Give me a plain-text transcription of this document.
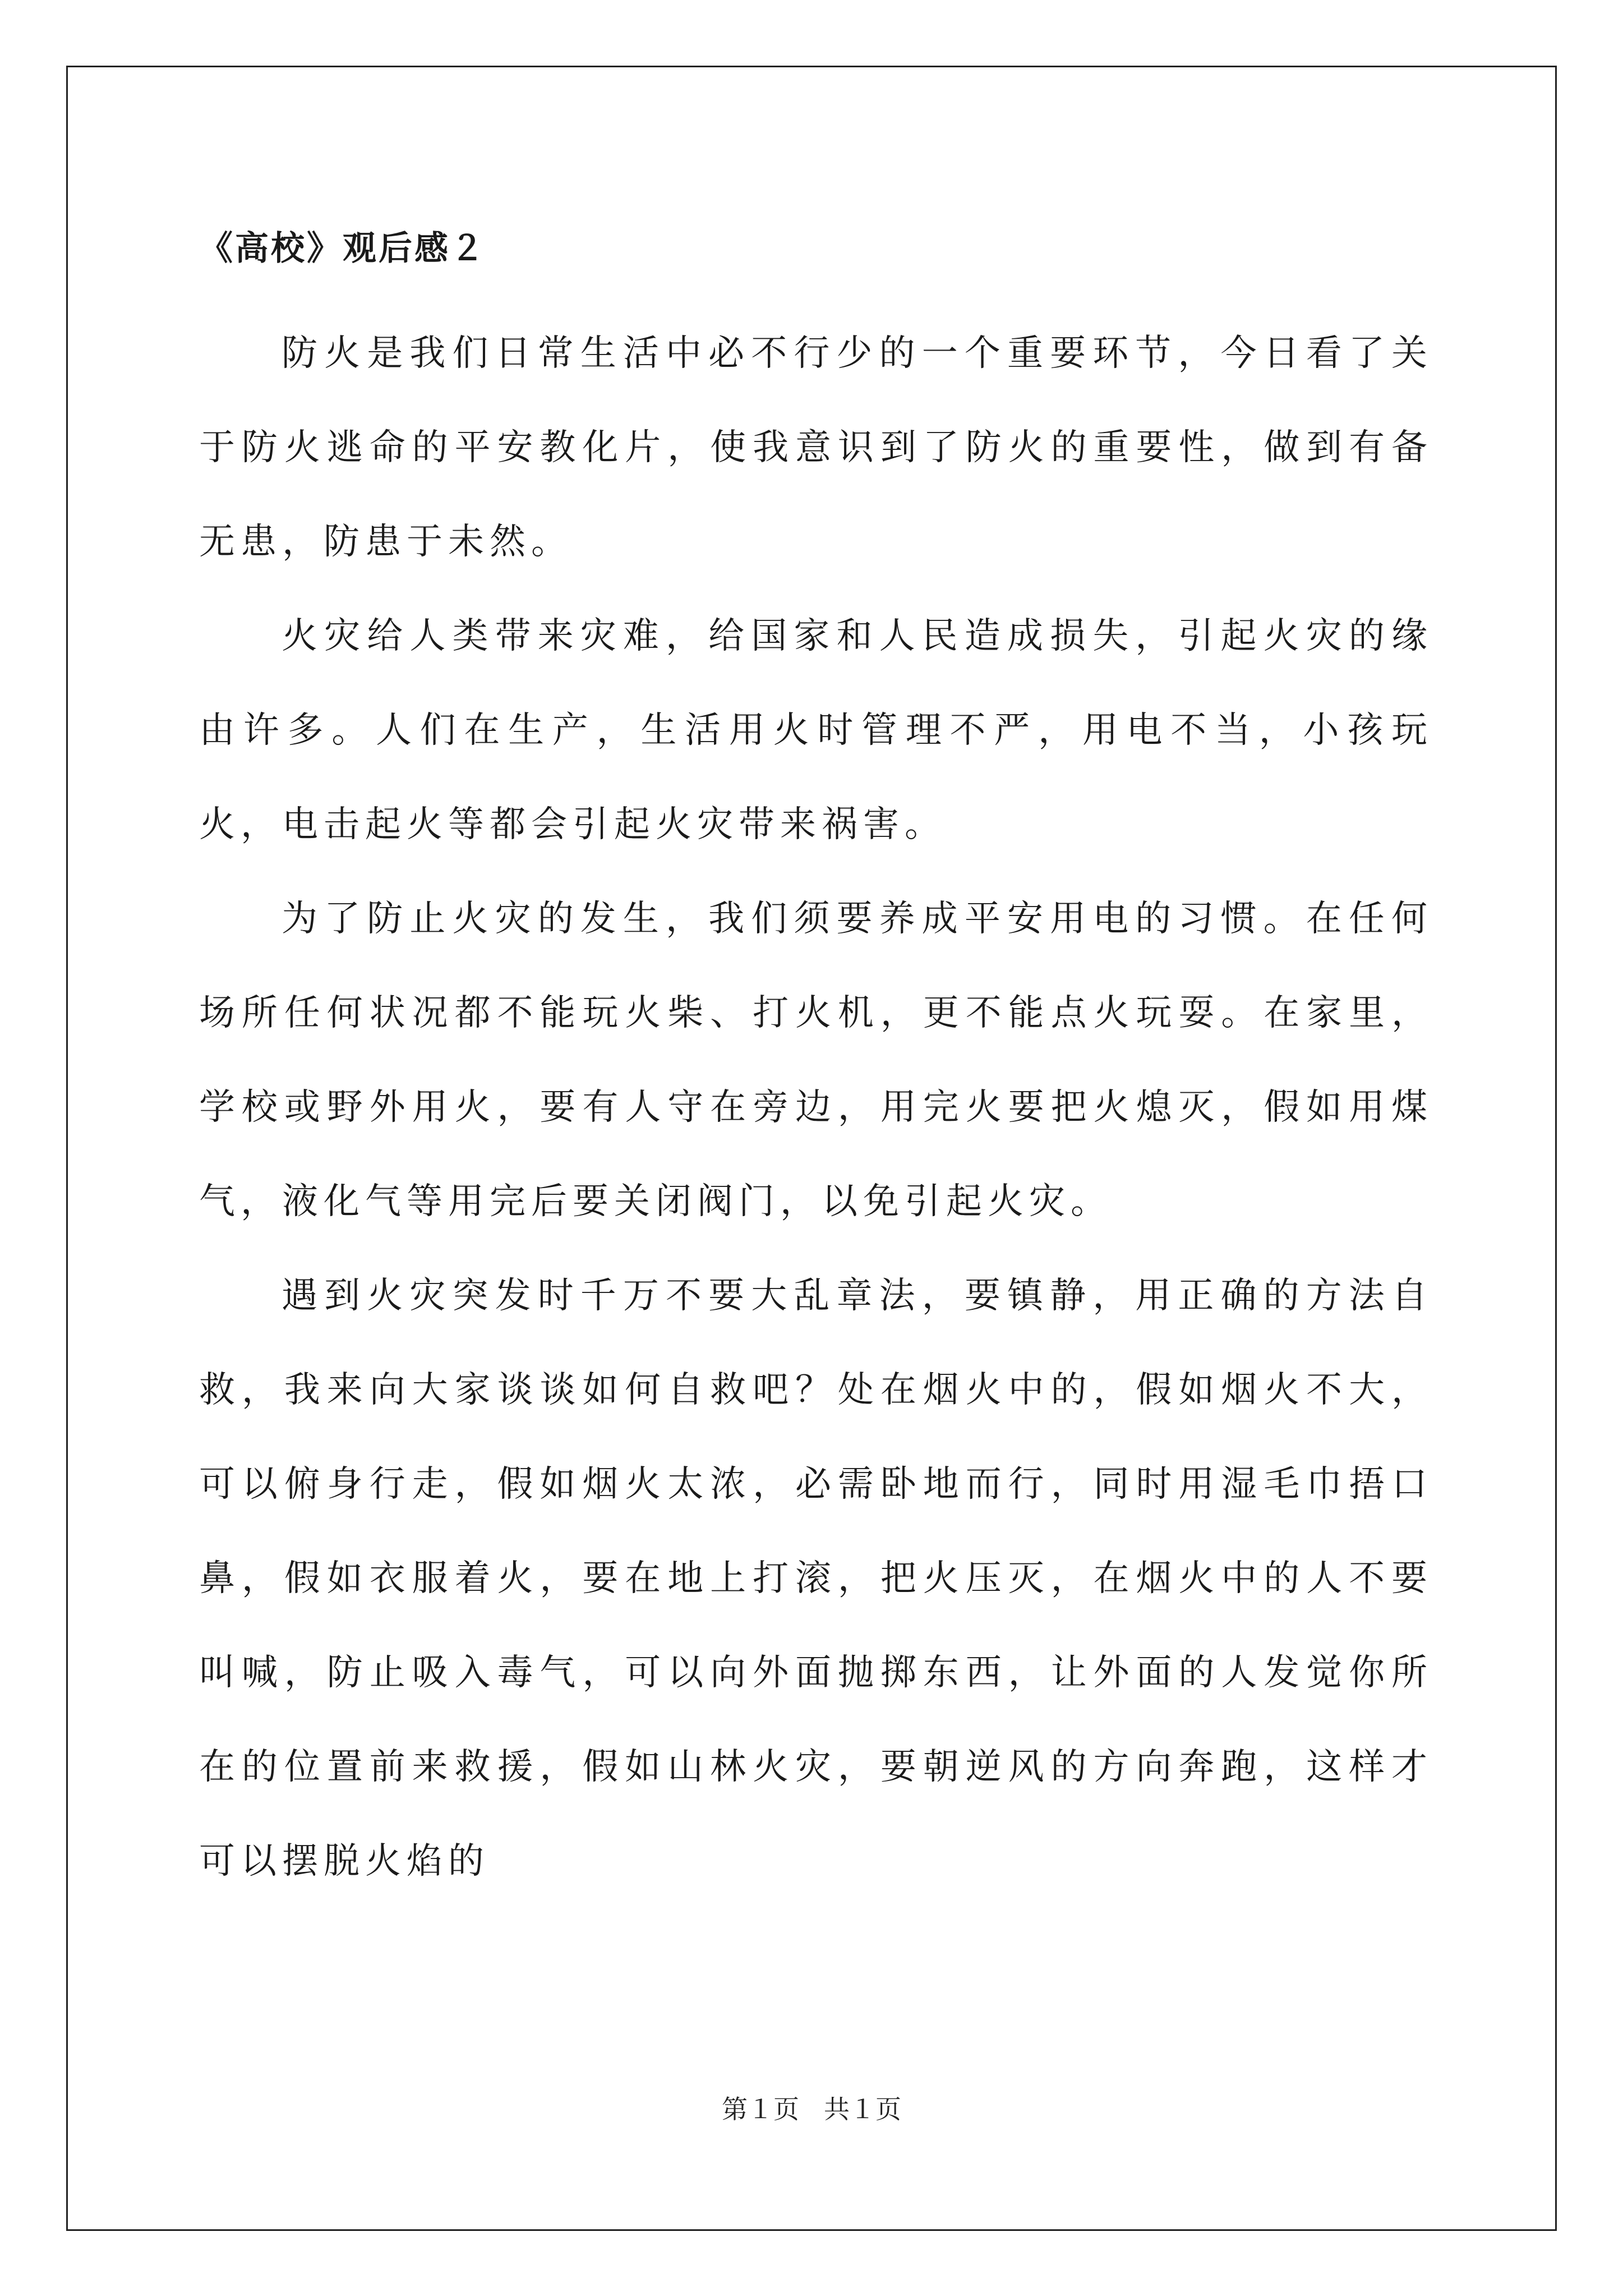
《高校》观后感２

防火是我们日常生活中必不行少的一个重要环节，今日看了关于防火逃命的平安教化片，使我意识到了防火的重要性，做到有备无患，防患于未然。

火灾给人类带来灾难，给国家和人民造成损失，引起火灾的缘由许多。人们在生产，生活用火时管理不严，用电不当，小孩玩火，电击起火等都会引起火灾带来祸害。

为了防止火灾的发生，我们须要养成平安用电的习惯。在任何场所任何状况都不能玩火柴、打火机，更不能点火玩耍。在家里，学校或野外用火，要有人守在旁边，用完火要把火熄灭，假如用煤气，液化气等用完后要关闭阀门，以免引起火灾。

遇到火灾突发时千万不要大乱章法，要镇静，用正确的方法自救，我来向大家谈谈如何自救吧？处在烟火中的，假如烟火不大，可以俯身行走，假如烟火太浓，必需卧地而行，同时用湿毛巾捂口鼻，假如衣服着火，要在地上打滚，把火压灭，在烟火中的人不要叫喊，防止吸入毒气，可以向外面抛掷东西，让外面的人发觉你所在的位置前来救援，假如山林火灾，要朝逆风的方向奔跑，这样才可以摆脱火焰的

第１页 共１页
